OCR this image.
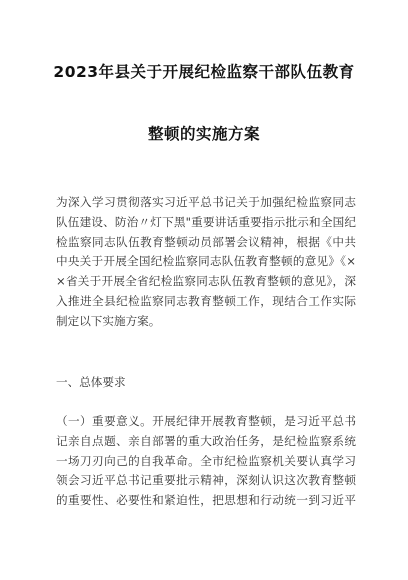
2023年县关于开展纪检监察干部队伍教育
整顿的实施方案
为深入学习贯彻落实习近平总书记关于加强纪检监察同志
队伍建设、防治〃灯下黑"重要讲话重要指示批示和全国纪
检监察同志队伍教育整顿动员部署会议精神，根据《中共
中央关于开展全国纪检监察同志队伍教育整顿的意见》《×
×省关于开展全省纪检监察同志队伍教育整顿的意见》，深
入推进全县纪检监察同志教育整顿工作，现结合工作实际
制定以下实施方案。
一、总体要求
（一）重要意义。开展纪律开展教育整顿，是习近平总书
记亲自点题、亲自部署的重大政治任务，是纪检监察系统
一场刀刃向己的自我革命。全市纪检监察机关要认真学习
领会习近平总书记重要批示精神，深刻认识这次教育整顿
的重要性、必要性和紧迫性，把思想和行动统一到习近平
